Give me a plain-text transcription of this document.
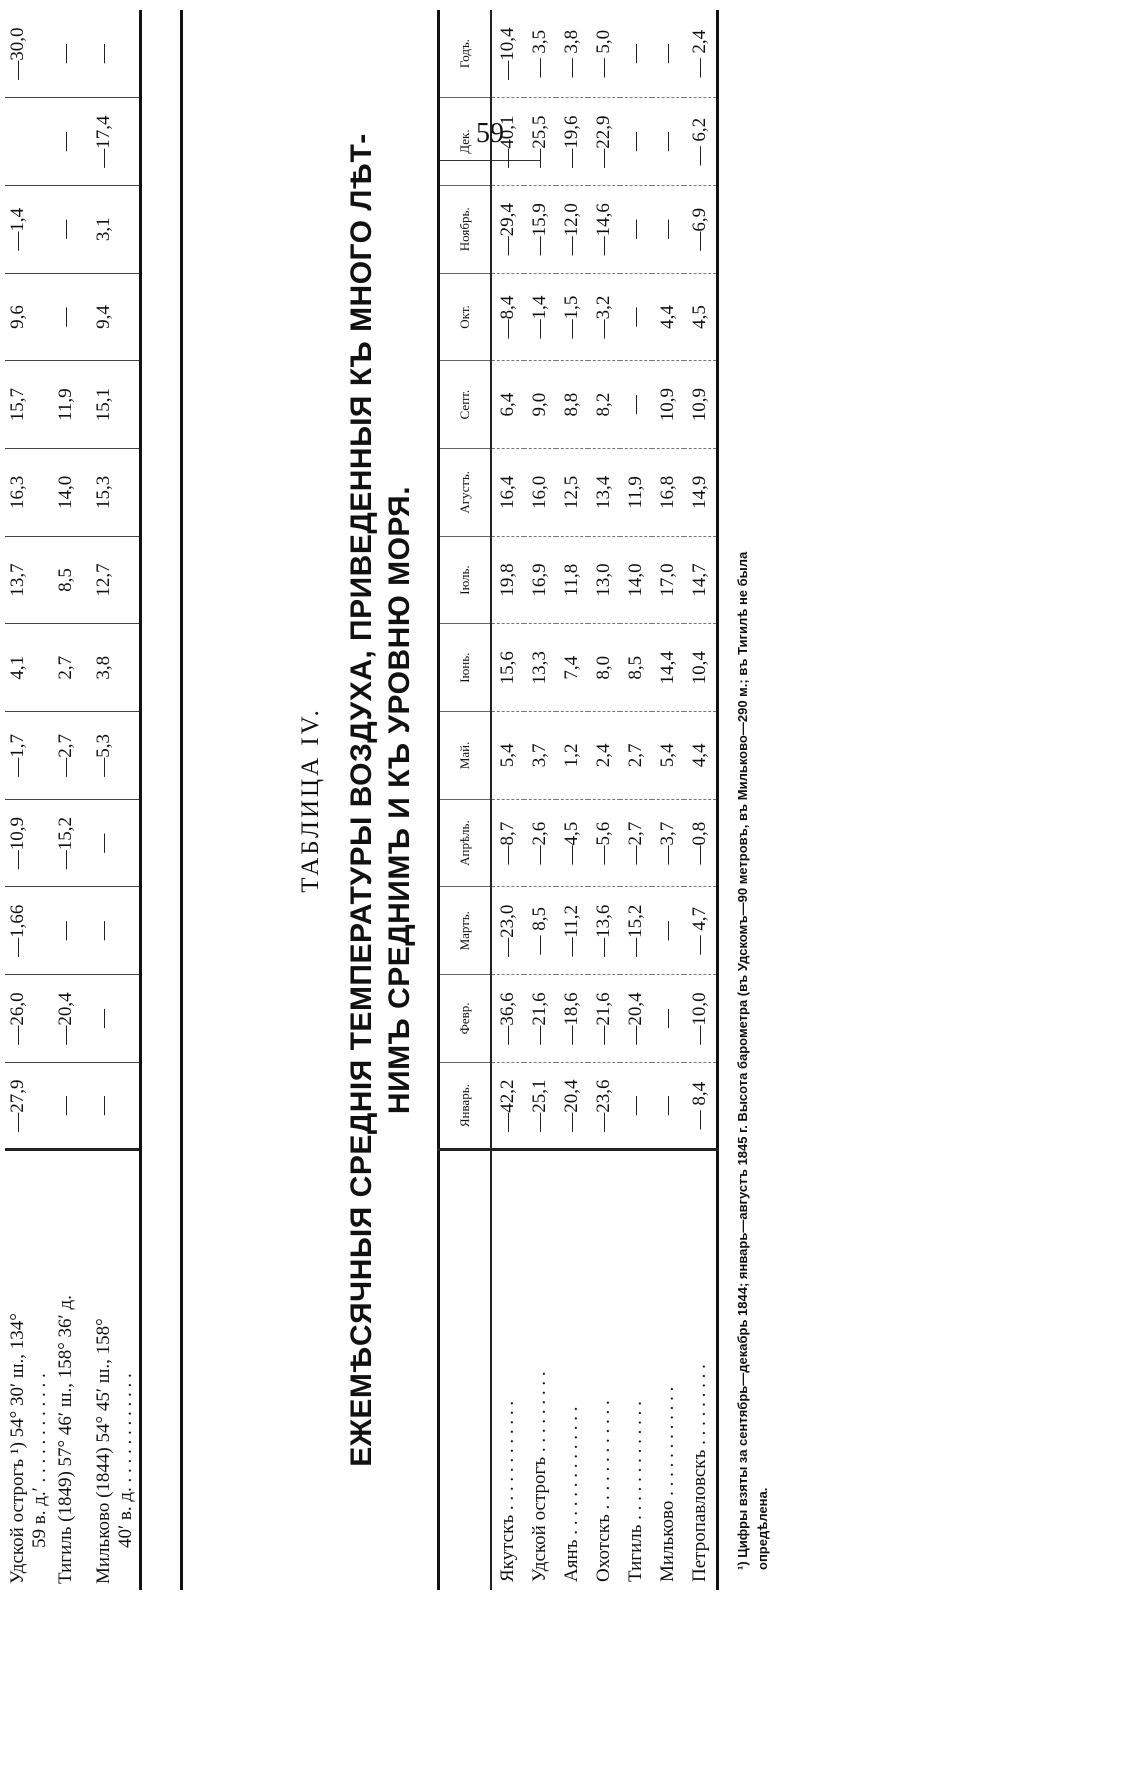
59
Удской острогъ ¹) 54° 30′ ш., 134° 59 в. д.′ . . . . . . . . . . . .	—27,9	—26,0	—1,66	—10,9	—1,7	4,1	13,7	16,3	15,7	9,6	—1,4		—30,0

Тигиль (1849) 57° 46′ ш., 158° 36′ д.	—	—20,4	—	—15,2	—2,7	2,7	8,5	14,0	11,9	—	—	—	—

Мильково (1844) 54° 45′ ш., 158° 40′ в. д. . . . . . . . . . . . .	—	—	—	—	—5,3	3,8	12,7	15,3	15,1	9,4	3,1	—17,4	—
ТАБЛИЦА IV. ЕЖЕМѢСЯЧНЫЯ СРЕДНІЯ ТЕМПЕРАТУРЫ ВОЗДУХА, ПРИВЕДЕННЫЯ КЪ МНОГО ЛѢТ- НИМЪ СРЕДНИМЪ И КЪ УРОВНЮ МОРЯ.
		Январь.	Февр.	Мартъ.	Апрѣль.	Май.	Іюнь.	Іюль.	Агустъ.	Септ.	Окт.	Ноябрь.	Дек.	Годъ.
Якутскъ . . . . . . . . . . . .	—42,2	—36,6	—23,0	—8,7	5,4	15,6	19,8	16,4	6,4	—8,4	—29,4	—40,1	—10,4
Удской острогъ . . . . . . . . .	—25,1	—21,6	— 8,5	—2,6	3,7	13,3	16,9	16,0	9,0	—1,4	—15,9	—25,5	— 3,5
Аянъ . . . . . . . . . . . . . .	—20,4	—18,6	—11,2	—4,5	1,2	7,4	11,8	12,5	8,8	—1,5	—12,0	—19,6	— 3,8
Охотскъ . . . . . . . . . . . .	—23,6	—21,6	—13,6	—5,6	2,4	8,0	13,0	13,4	8,2	—3,2	—14,6	—22,9	— 5,0
Тигиль . . . . . . . . . . . . .	—	—20,4	—15,2	—2,7	2,7	8,5	14,0	11,9	—	—	—	—	—
Мильково . . . . . . . . . . . .	—	—	—	—3,7	5,4	14,4	17,0	16,8	10,9	4,4	—	—	—
Петропавловскъ . . . . . . . . .	— 8,4	—10,0	— 4,7	—0,8	4,4	10,4	14,7	14,9	10,9	4,5	—6,9	— 6,2	— 2,4
¹) Цифры взяты за сентябрь—декабрь 1844; январь—августъ 1845 г. Высота барометра (въ Удскомъ—90 метровъ, въ Мильково—290 м.; въ Тигилѣ не была опредѣлена.
